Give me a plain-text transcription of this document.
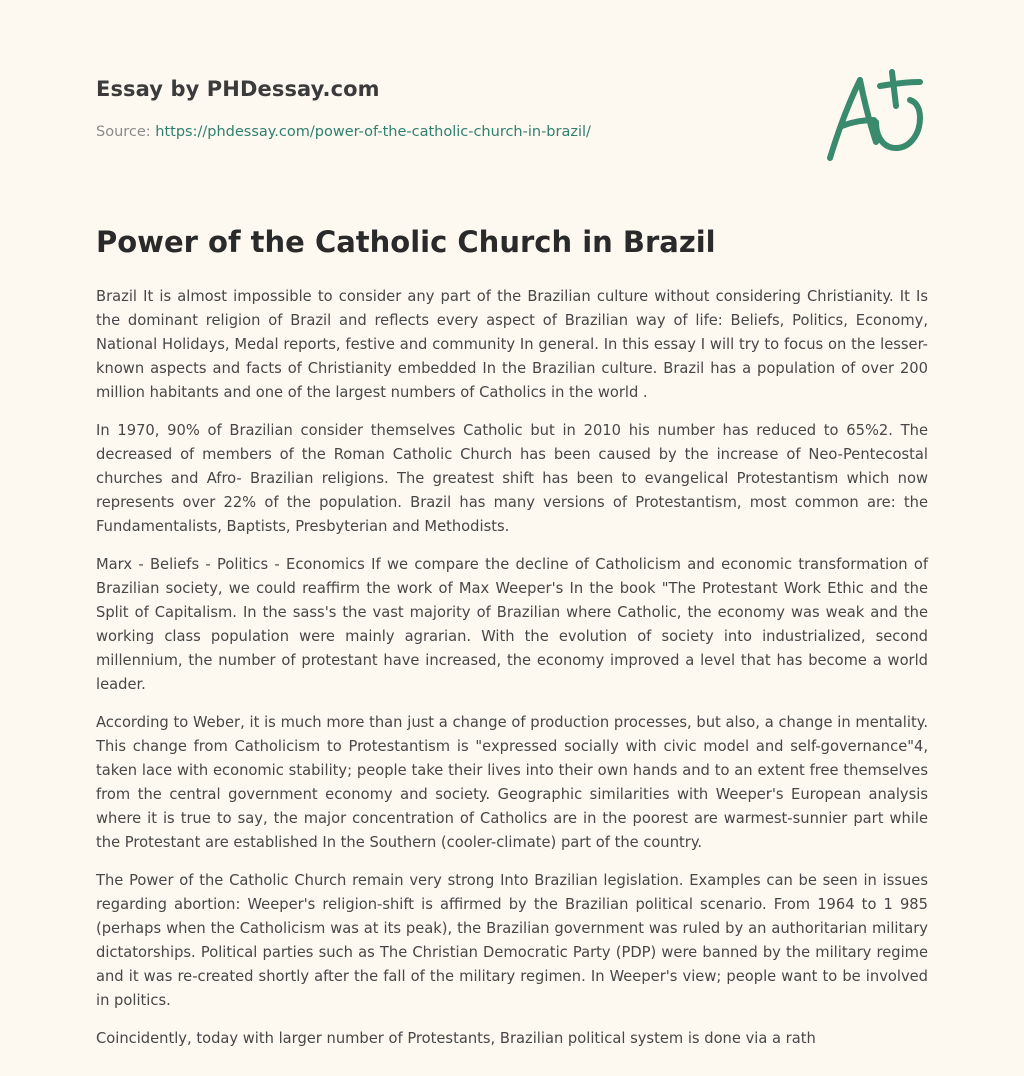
Essay by PHDessay.com
Source: https://phdessay.com/power-of-the-catholic-church-in-brazil/
Power of the Catholic Church in Brazil

Brazil It is almost impossible to consider any part of the Brazilian culture without considering Christianity. It Is the dominant religion of Brazil and reflects every aspect of Brazilian way of life: Beliefs, Politics, Economy, National Holidays, Medal reports, festive and community In general. In this essay I will try to focus on the lesser-known aspects and facts of Christianity embedded In the Brazilian culture. Brazil has a population of over 200 million habitants and one of the largest numbers of Catholics in the world .

In 1970, 90% of Brazilian consider themselves Catholic but in 2010 his number has reduced to 65%2. The decreased of members of the Roman Catholic Church has been caused by the increase of Neo-Pentecostal churches and Afro- Brazilian religions. The greatest shift has been to evangelical Protestantism which now represents over 22% of the population. Brazil has many versions of Protestantism, most common are: the Fundamentalists, Baptists, Presbyterian and Methodists.

Marx - Beliefs - Politics - Economics If we compare the decline of Catholicism and economic transformation of Brazilian society, we could reaffirm the work of Max Weeper's In the book "The Protestant Work Ethic and the Split of Capitalism. In the sass's the vast majority of Brazilian where Catholic, the economy was weak and the working class population were mainly agrarian. With the evolution of society into industrialized, second millennium, the number of protestant have increased, the economy improved a level that has become a world leader.

According to Weber, it is much more than just a change of production processes, but also, a change in mentality. This change from Catholicism to Protestantism is "expressed socially with civic model and self-governance"4, taken lace with economic stability; people take their lives into their own hands and to an extent free themselves from the central government economy and society. Geographic similarities with Weeper's European analysis where it is true to say, the major concentration of Catholics are in the poorest are warmest-sunnier part while the Protestant are established In the Southern (cooler-climate) part of the country.

The Power of the Catholic Church remain very strong Into Brazilian legislation. Examples can be seen in issues regarding abortion: Weeper's religion-shift is affirmed by the Brazilian political scenario. From 1964 to 1 985 (perhaps when the Catholicism was at its peak), the Brazilian government was ruled by an authoritarian military dictatorships. Political parties such as The Christian Democratic Party (PDP) were banned by the military regime and it was re-created shortly after the fall of the military regimen. In Weeper's view; people want to be involved in politics.

Coincidently, today with larger number of Protestants, Brazilian political system is done via a rath
